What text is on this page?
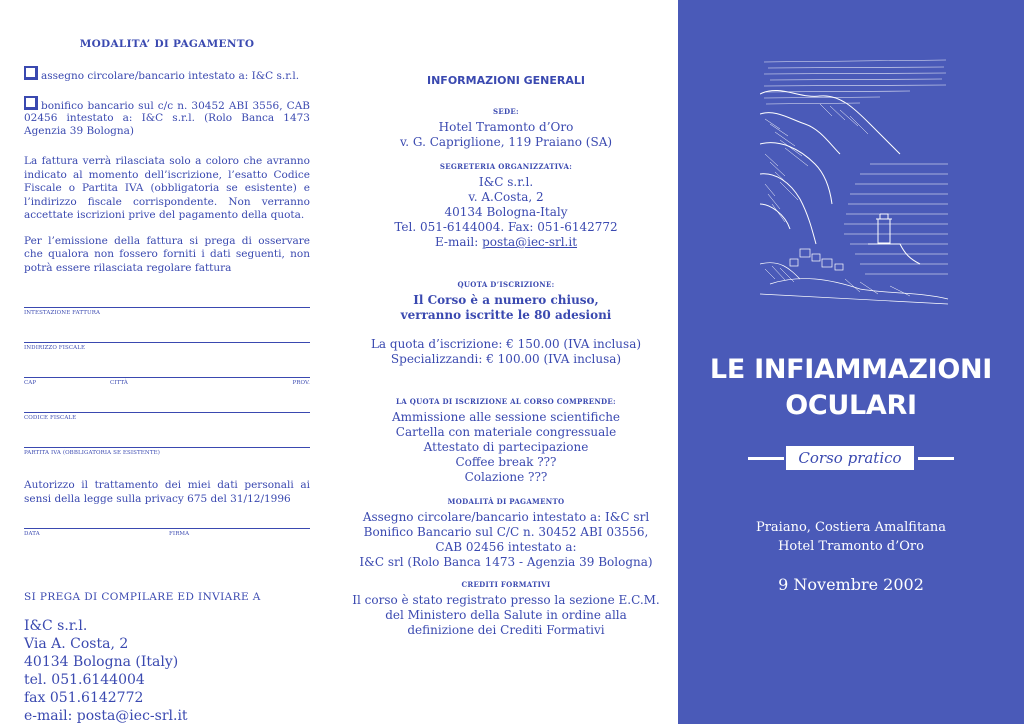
MODALITA’ DI PAGAMENTO

assegno circolare/bancario intestato a: I&C s.r.l.

bonifico bancario sul c/c n. 30452 ABI 3556, CAB 02456 intestato a: I&C s.r.l. (Rolo Banca 1473 Agenzia 39 Bologna)

La fattura verrà rilasciata solo a coloro che avranno indicato al momento dell’iscrizione, l’esatto Codice Fiscale o Partita IVA (obbligatoria se esistente) e l’indirizzo fiscale corrispondente. Non verranno accettate iscrizioni prive del pagamento della quota.

Per l’emissione della fattura si prega di osservare che qualora non fossero forniti i dati seguenti, non potrà essere rilasciata regolare fattura

INTESTAZIONE FATTURA
INDIRIZZO FISCALE
CAP	CITTÀ	PROV.
CODICE FISCALE
PARTITA IVA (OBBLIGATORIA SE ESISTENTE)

Autorizzo il trattamento dei miei dati personali ai sensi della legge sulla privacy 675 del 31/12/1996

DATA	FIRMA

SI PREGA DI COMPILARE ED INVIARE A

I&C s.r.l.
Via A. Costa, 2
40134 Bologna (Italy)
tel. 051.6144004
fax 051.6142772
e-mail: posta@iec-srl.it

INFORMAZIONI GENERALI

SEDE:

Hotel Tramonto d’Oro

v. G. Capriglione, 119 Praiano (SA)

SEGRETERIA ORGANIZZATIVA:

I&C s.r.l.

v. A.Costa, 2

40134 Bologna-Italy

Tel. 051-6144004. Fax: 051-6142772

E-mail: posta@iec-srl.it

QUOTA D’ISCRIZIONE:

Il Corso è a numero chiuso,

verranno iscritte le 80 adesioni

La quota d’iscrizione: € 150.00 (IVA inclusa)

Specializzandi: € 100.00 (IVA inclusa)

LA QUOTA DI ISCRIZIONE AL CORSO COMPRENDE:

Ammissione alle sessione scientifiche

Cartella con materiale congressuale

Attestato di partecipazione

Coffee break ???

Colazione ???

MODALITÀ DI PAGAMENTO

Assegno circolare/bancario intestato a: I&C srl

Bonifico Bancario sul C/C n. 30452 ABI 03556,

CAB 02456 intestato a:

I&C srl (Rolo Banca 1473 - Agenzia 39 Bologna)

CREDITI FORMATIVI

Il corso è stato registrato presso la sezione E.C.M.

del Ministero della Salute in ordine alla

definizione dei Crediti Formativi

LE INFIAMMAZIONI
OCULARI
Corso pratico
Praiano, Costiera Amalfitana
Hotel Tramonto d’Oro
9 Novembre 2002
